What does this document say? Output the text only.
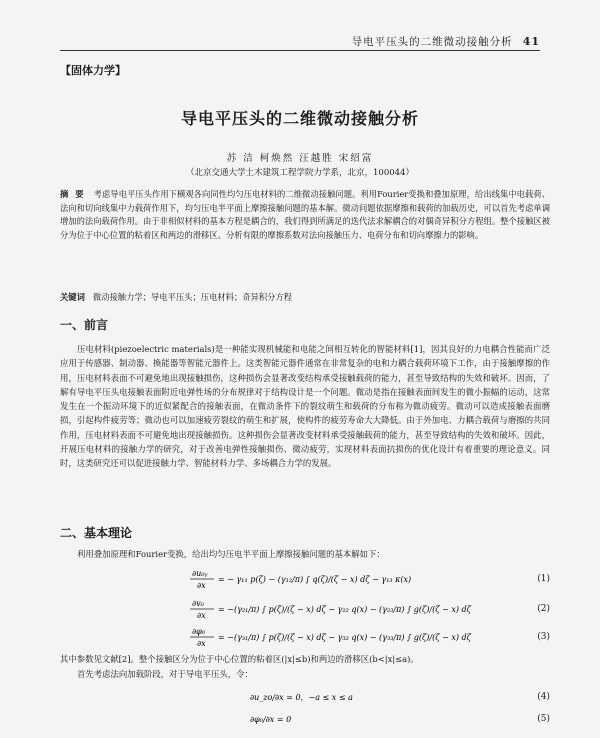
导电平压头的二维微动接触分析 41
【固体力学】
导电平压头的二维微动接触分析
苏 洁 柯焕然 汪越胜 宋绍富
（北京交通大学土木建筑工程学院力学系，北京，100044）
摘 要 考虑导电平压头作用下横观各向同性均匀压电材料的二维微动接触问题。利用Fourier变换和叠加原理，给出线集中电载荷、法向和切向线集中力载荷作用下，均匀压电半平面上摩擦接触问题的基本解。微动问题依据摩擦和载荷的加载历史，可以首先考虑单调增加的法向载荷作用。由于非相似材料的基本方程是耦合的，我们得到所满足的迭代法求解耦合的对偶奇异积分方程组。整个接触区被分为位于中心位置的粘着区和两边的滑移区。分析有限的摩擦系数对法向接触压力、电荷分布和切向摩擦力的影响。
关键词 微动接触力学；导电平压头；压电材料；奇异积分方程
一、前言
压电材料(piezoelectric materials)是一种能实现机械能和电能之间相互转化的智能材料[1]，因其良好的力电耦合性能而广泛应用于传感器、制动器、換能器等智能元器件上。这类智能元器件通常在非常复杂的电和力耦合载荷环境下工作，由于接触摩擦的作用，压电材料表面不可避免地出现接触损伤，这种损伤会显著改变结构承受接触载荷的能力，甚至导致结构的失效和破坏。因而，了解有导电平压头电接触表面附近电弹性场的分布规律对于结构设计是一个问题。微动是指在接触表面间发生的微小振幅的运动，这常发生在一个振动环境下的近似紧配合的接触表面，在微动条件下的裂纹萌生和载荷的分布称为微动疲劳。微动可以造成接触表面磨损，引起构件疲劳等；微动也可以加速疲劳裂纹的萌生和扩展，使构件的疲劳寿命大大降低。由于外加电、力耦合载荷与磨擦的共同作用，压电材料表面不可避免地出现接触损伤。这种损伤会显著改变材料承受接触载荷的能力，甚至导致结构的失效和破坏。因此，开展压电材料的接触力学的研究，对于改善电弹性接触损伤、微动疲劳，实现材料表面抗损伤的优化设计有着重要的理论意义。同时，这类研究还可以促进接触力学、智能材料力学、多场耦合力学的发展。
二、基本理论
利用叠加原理和Fourier变换，给出均匀压电半平面上摩擦接触问题的基本解如下：
∂u₀ᵧ
∂x
= − γ₁₁ p(ζ) − (γ₁₂/π) ∫ q(ζ)/(ζ − x) dζ − γ₁₃ κ(x)	(1)
∂v₀
∂x
= −(γ₂₁/π) ∫ p(ζ)/(ζ − x) dζ − γ₂₂ q(x) − (γ₂₃/π) ∫ g(ζ)/(ζ − x) dζ	(2)
∂φ₀
∂x
= −(γ₃₁/π) ∫ p(ζ)/(ζ − x) dζ − γ₃₂ q(x) − (γ₃₃/π) ∫ g(ζ)/(ζ − x) dζ	(3)
其中参数见文献[2]。整个接触区分为位于中心位置的粘着区(|x|≤b)和两边的滑移区(b<|x|≤a)。
首先考虑法向加载阶段，对于导电平压头，令：
∂u_zo/∂x = 0，−a ≤ x ≤ a	(4)
∂φ₀/∂x = 0	(5)
